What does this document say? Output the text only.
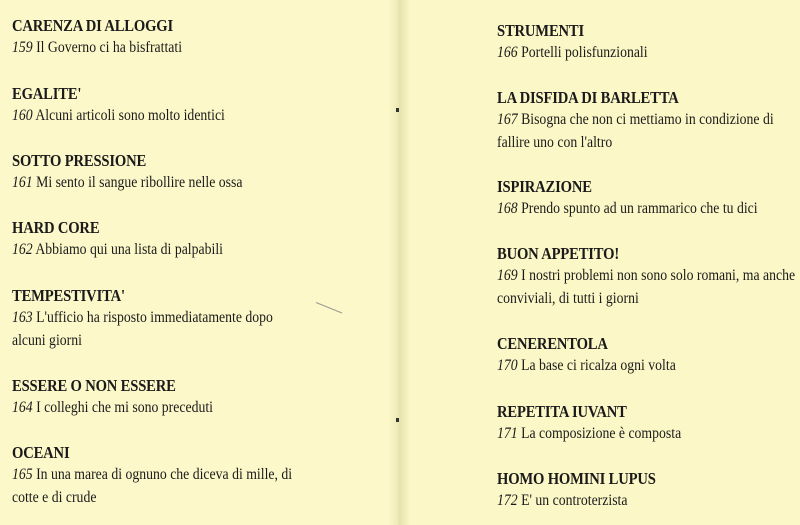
CARENZA DI ALLOGGI
159 Il Governo ci ha bisfrattati
EGALITE'
160 Alcuni articoli sono molto identici
SOTTO PRESSIONE
161 Mi sento il sangue ribollire nelle ossa
HARD CORE
162 Abbiamo qui una lista di palpabili
TEMPESTIVITA'
163 L'ufficio ha risposto immediatamente dopo alcuni giorni
ESSERE O NON ESSERE
164 I colleghi che mi sono preceduti
OCEANI
165 In una marea di ognuno che diceva di mille, di cotte e di crude
STRUMENTI
166 Portelli polisfunzionali
LA DISFIDA DI BARLETTA
167 Bisogna che non ci mettiamo in condizione di fallire uno con l'altro
ISPIRAZIONE
168 Prendo spunto ad un rammarico che tu dici
BUON APPETITO!
169 I nostri problemi non sono solo romani, ma anche conviviali, di tutti i giorni
CENERENTOLA
170 La base ci ricalza ogni volta
REPETITA IUVANT
171 La composizione è composta
HOMO HOMINI LUPUS
172 E' un controterzista
